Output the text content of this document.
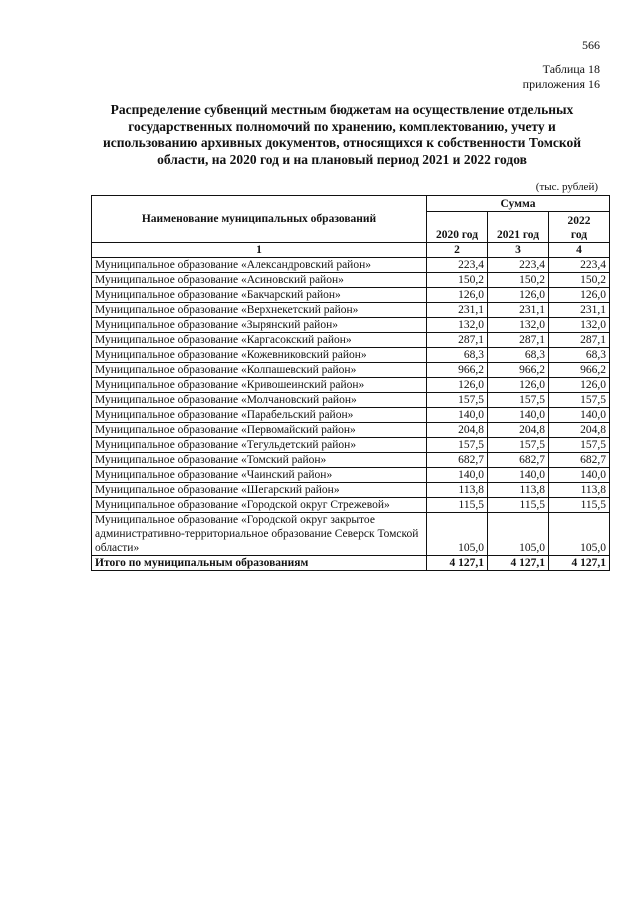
566
Таблица 18
приложения 16
Распределение субвенций местным бюджетам на осуществление отдельных государственных полномочий по хранению, комплектованию, учету и использованию архивных документов, относящихся к собственности Томской области, на 2020 год и на плановый период 2021 и 2022 годов
(тыс. рублей)
Наименование муниципальных образований	Сумма		
	2020 год	2021 год	2022 год
1	2	3	4
Муниципальное образование «Александровский район»	223,4	223,4	223,4
Муниципальное образование «Асиновский район»	150,2	150,2	150,2
Муниципальное образование «Бакчарский район»	126,0	126,0	126,0
Муниципальное образование «Верхнекетский район»	231,1	231,1	231,1
Муниципальное образование «Зырянский район»	132,0	132,0	132,0
Муниципальное образование «Каргасокский район»	287,1	287,1	287,1
Муниципальное образование «Кожевниковский район»	68,3	68,3	68,3
Муниципальное образование «Колпашевский район»	966,2	966,2	966,2
Муниципальное образование «Кривошеинский район»	126,0	126,0	126,0
Муниципальное образование «Молчановский район»	157,5	157,5	157,5
Муниципальное образование «Парабельский район»	140,0	140,0	140,0
Муниципальное образование «Первомайский район»	204,8	204,8	204,8
Муниципальное образование «Тегульдетский район»	157,5	157,5	157,5
Муниципальное образование «Томский район»	682,7	682,7	682,7
Муниципальное образование «Чаинский район»	140,0	140,0	140,0
Муниципальное образование «Шегарский район»	113,8	113,8	113,8
Муниципальное образование «Городской округ Стрежевой»	115,5	115,5	115,5
Муниципальное образование «Городской округ закрытое административно-территориальное образование Северск Томской области»	105,0	105,0	105,0
Итого по муниципальным образованиям	4 127,1	4 127,1	4 127,1
